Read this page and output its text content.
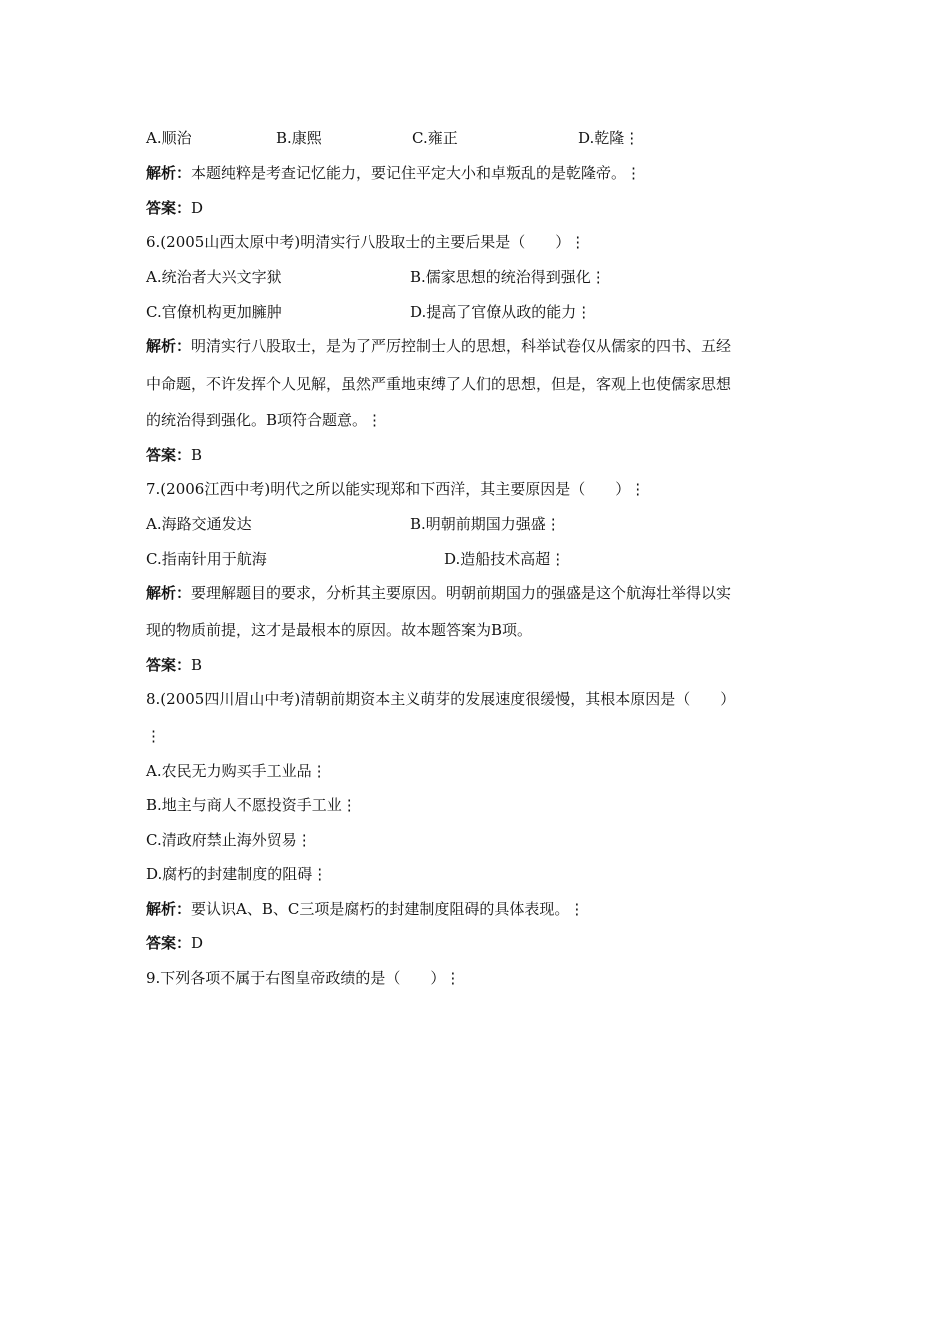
A.顺治	B.康熙	C.雍正	D.乾隆⋮
解析：本题纯粹是考查记忆能力，要记住平定大小和卓叛乱的是乾隆帝。⋮
答案：D
6.(2005山西太原中考)明清实行八股取士的主要后果是（　　）⋮
A.统治者大兴文字狱	B.儒家思想的统治得到强化⋮
C.官僚机构更加臃肿	D.提高了官僚从政的能力⋮
解析：明清实行八股取士，是为了严厉控制士人的思想，科举试卷仅从儒家的四书、五经
中命题，不许发挥个人见解，虽然严重地束缚了人们的思想，但是，客观上也使儒家思想
的统治得到强化。B项符合题意。⋮
答案：B
7.(2006江西中考)明代之所以能实现郑和下西洋，其主要原因是（　　）⋮
A.海路交通发达	B.明朝前期国力强盛⋮
C.指南针用于航海	D.造船技术高超⋮
解析：要理解题目的要求，分析其主要原因。明朝前期国力的强盛是这个航海壮举得以实
现的物质前提，这才是最根本的原因。故本题答案为B项。
答案：B
8.(2005四川眉山中考)清朝前期资本主义萌芽的发展速度很缓慢，其根本原因是（　　）
⋮
A.农民无力购买手工业品⋮
B.地主与商人不愿投资手工业⋮
C.清政府禁止海外贸易⋮
D.腐朽的封建制度的阻碍⋮
解析：要认识A、B、C三项是腐朽的封建制度阻碍的具体表现。⋮
答案：D
9.下列各项不属于右图皇帝政绩的是（　　）⋮
